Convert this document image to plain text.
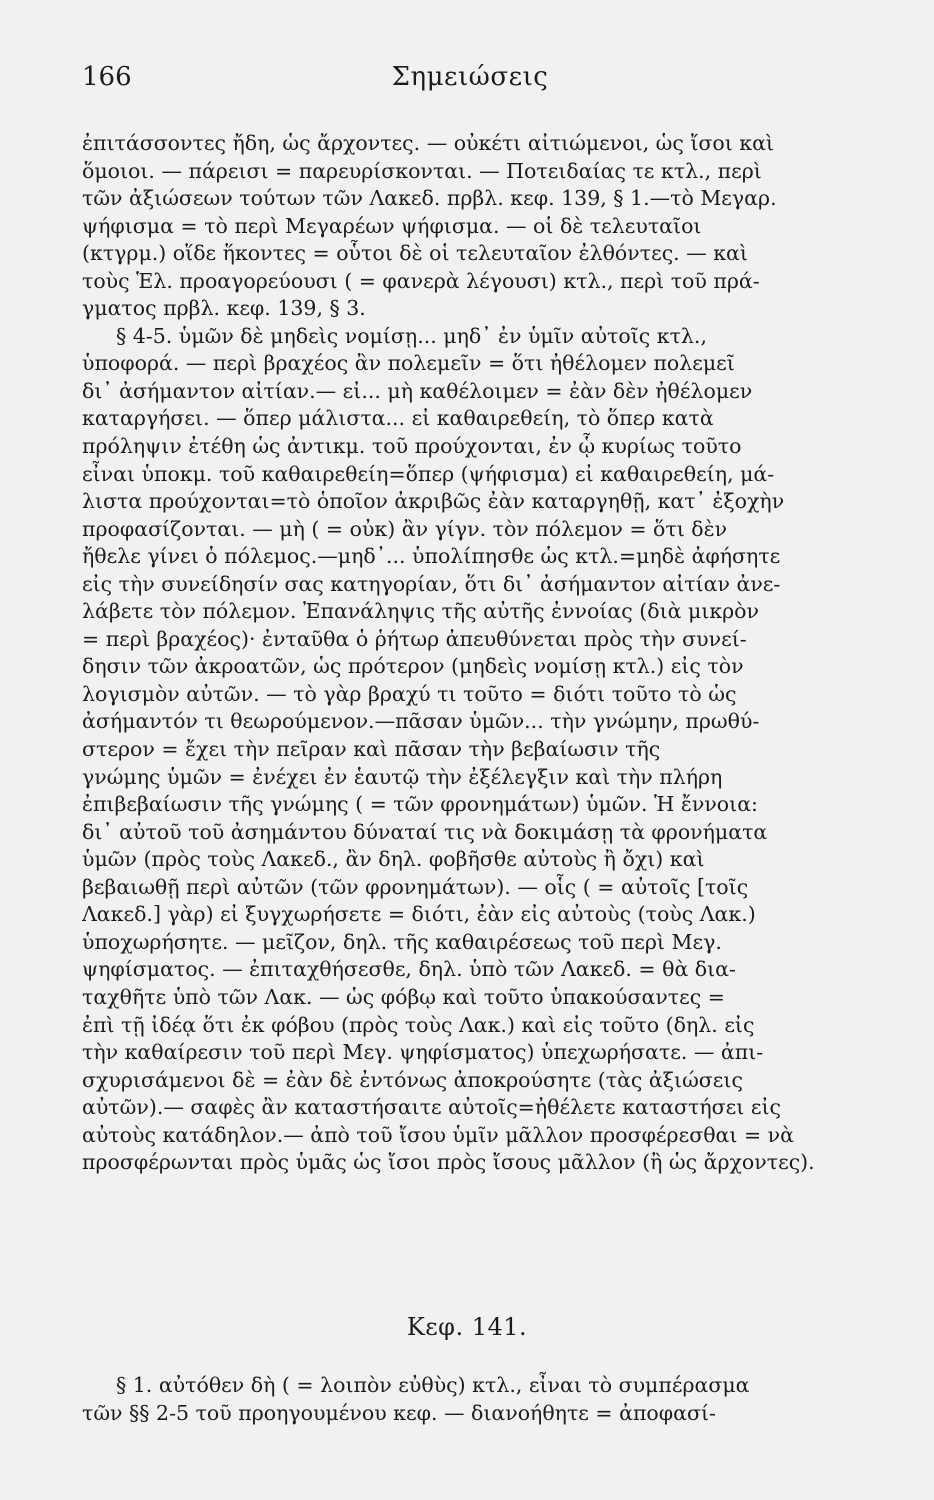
166	Σημειώσεις
ἐπιτάσσοντες ἤδη, ὡς ἄρχοντες. — οὐκέτι αἰτιώμενοι, ὡς ἴσοι καὶ
ὅμοιοι. — πάρεισι = παρευρίσκονται. — Ποτειδαίας τε κτλ., περὶ
τῶν ἀξιώσεων τούτων τῶν Λακεδ. πρβλ. κεφ. 139, § 1.—τὸ Μεγαρ.
ψήφισμα = τὸ περὶ Μεγαρέων ψήφισμα. — οἱ δὲ τελευταῖοι
(κτγρμ.) οἵδε ἥκοντες = οὗτοι δὲ οἱ τελευταῖον ἐλθόντες. — καὶ
τοὺς Ἑλ. προαγορεύουσι ( = φανερὰ λέγουσι) κτλ., περὶ τοῦ πρά-
γματος πρβλ. κεφ. 139, § 3.
§ 4-5. ὑμῶν δὲ μηδεὶς νομίσῃ... μηδ᾽ ἐν ὑμῖν αὐτοῖς κτλ.,
ὑποφορά. — περὶ βραχέος ἂν πολεμεῖν = ὅτι ἠθέλομεν πολεμεῖ
δι᾽ ἀσήμαντον αἰτίαν.— εἰ... μὴ καθέλοιμεν = ἐὰν δὲν ἠθέλομεν
καταργήσει. — ὅπερ μάλιστα... εἰ καθαιρεθείη, τὸ ὅπερ κατὰ
πρόληψιν ἐτέθη ὡς ἀντικμ. τοῦ προύχονται, ἐν ᾧ κυρίως τοῦτο
εἶναι ὑποκμ. τοῦ καθαιρεθείη=ὅπερ (ψήφισμα) εἰ καθαιρεθείη, μά-
λιστα προύχονται=τὸ ὁποῖον ἀκριβῶς ἐὰν καταργηθῇ, κατ᾽ ἐξοχὴν
προφασίζονται. — μὴ ( = οὐκ) ἂν γίγν. τὸν πόλεμον = ὅτι δὲν
ἤθελε γίνει ὁ πόλεμος.—μηδ᾽... ὑπολίπησθε ὡς κτλ.=μηδὲ ἀφήσητε
εἰς τὴν συνείδησίν σας κατηγορίαν, ὅτι δι᾽ ἀσήμαντον αἰτίαν ἀνε-
λάβετε τὸν πόλεμον. Ἐπανάληψις τῆς αὐτῆς ἐννοίας (διὰ μικρὸν
= περὶ βραχέος)· ἐνταῦθα ὁ ῥήτωρ ἀπευθύνεται πρὸς τὴν συνεί-
δησιν τῶν ἀκροατῶν, ὡς πρότερον (μηδεὶς νομίσῃ κτλ.) εἰς τὸν
λογισμὸν αὐτῶν. — τὸ γὰρ βραχύ τι τοῦτο = διότι τοῦτο τὸ ὡς
ἀσήμαντόν τι θεωρούμενον.—πᾶσαν ὑμῶν... τὴν γνώμην, πρωθύ-
στερον = ἔχει τὴν πεῖραν καὶ πᾶσαν τὴν βεβαίωσιν τῆς
γνώμης ὑμῶν = ἐνέχει ἐν ἑαυτῷ τὴν ἐξέλεγξιν καὶ τὴν πλήρη
ἐπιβεβαίωσιν τῆς γνώμης ( = τῶν φρονημάτων) ὑμῶν. Ἡ ἔννοια:
δι᾽ αὐτοῦ τοῦ ἀσημάντου δύναταί τις νὰ δοκιμάσῃ τὰ φρονήματα
ὑμῶν (πρὸς τοὺς Λακεδ., ἂν δηλ. φοβῆσθε αὐτοὺς ἢ ὄχι) καὶ
βεβαιωθῇ περὶ αὐτῶν (τῶν φρονημάτων). — οἷς ( = αὐτοῖς [τοῖς
Λακεδ.] γὰρ) εἰ ξυγχωρήσετε = διότι, ἐὰν εἰς αὐτοὺς (τοὺς Λακ.)
ὑποχωρήσητε. — μεῖζον, δηλ. τῆς καθαιρέσεως τοῦ περὶ Μεγ.
ψηφίσματος. — ἐπιταχθήσεσθε, δηλ. ὑπὸ τῶν Λακεδ. = θὰ δια-
ταχθῆτε ὑπὸ τῶν Λακ. — ὡς φόβῳ καὶ τοῦτο ὑπακούσαντες =
ἐπὶ τῇ ἰδέᾳ ὅτι ἐκ φόβου (πρὸς τοὺς Λακ.) καὶ εἰς τοῦτο (δηλ. εἰς
τὴν καθαίρεσιν τοῦ περὶ Μεγ. ψηφίσματος) ὑπεχωρήσατε. — ἀπι-
σχυρισάμενοι δὲ = ἐὰν δὲ ἐντόνως ἀποκρούσητε (τὰς ἀξιώσεις
αὐτῶν).— σαφὲς ἂν καταστήσαιτε αὐτοῖς=ἠθέλετε καταστήσει εἰς
αὐτοὺς κατάδηλον.— ἀπὸ τοῦ ἴσου ὑμῖν μᾶλλον προσφέρεσθαι = νὰ
προσφέρωνται πρὸς ὑμᾶς ὡς ἴσοι πρὸς ἴσους μᾶλλον (ἢ ὡς ἄρχοντες).
Κεφ. 141.
§ 1. αὐτόθεν δὴ ( = λοιπὸν εὐθὺς) κτλ., εἶναι τὸ συμπέρασμα
τῶν §§ 2-5 τοῦ προηγουμένου κεφ. — διανοήθητε = ἀποφασί-
